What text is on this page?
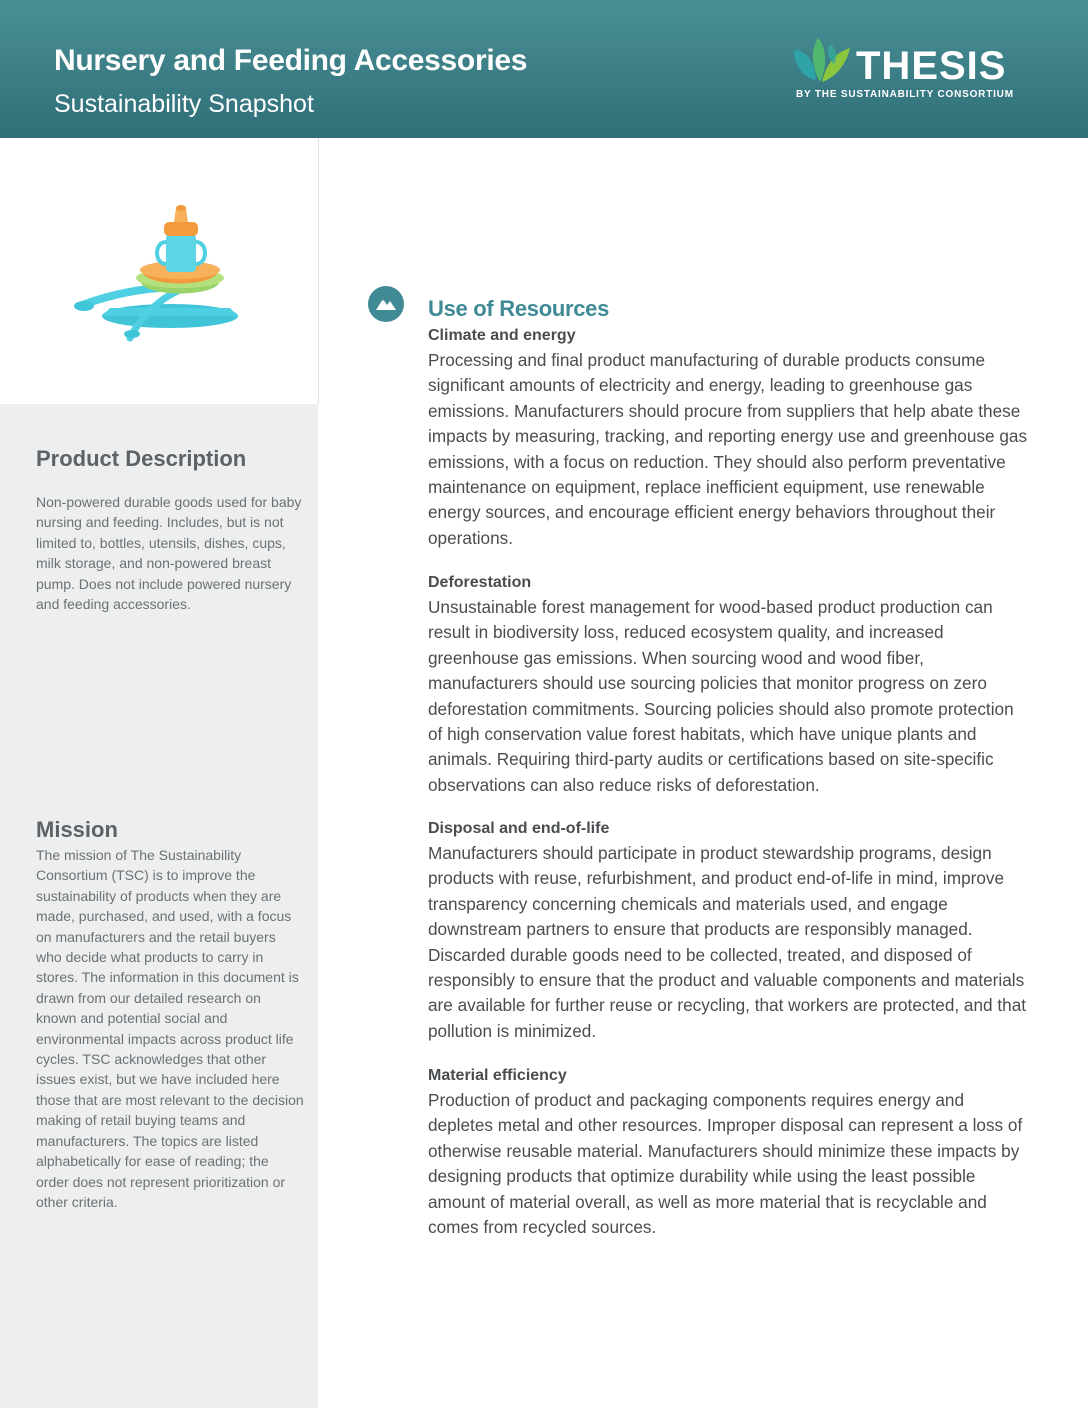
Nursery and Feeding Accessories
Sustainability Snapshot
THESIS
BY THE SUSTAINABILITY CONSORTIUM
Product Description
Non-powered durable goods used for baby nursing and feeding. Includes, but is not limited to, bottles, utensils, dishes, cups, milk storage, and non-powered breast pump. Does not include powered nursery and feeding accessories.
Mission
The mission of The Sustainability Consortium (TSC) is to improve the sustainability of products when they are made, purchased, and used, with a focus on manufacturers and the retail buyers who decide what products to carry in stores. The information in this document is drawn from our detailed research on known and potential social and environmental impacts across product life cycles. TSC acknowledges that other issues exist, but we have included here those that are most relevant to the decision making of retail buying teams and manufacturers. The topics are listed alphabetically for ease of reading; the order does not represent prioritization or other criteria.
Use of Resources
Climate and energy
Processing and final product manufacturing of durable products consume significant amounts of electricity and energy, leading to greenhouse gas emissions. Manufacturers should procure from suppliers that help abate these impacts by measuring, tracking, and reporting energy use and greenhouse gas emissions, with a focus on reduction. They should also perform preventative maintenance on equipment, replace inefficient equipment, use renewable energy sources, and encourage efficient energy behaviors throughout their operations.
Deforestation
Unsustainable forest management for wood-based product production can result in biodiversity loss, reduced ecosystem quality, and increased greenhouse gas emissions. When sourcing wood and wood fiber, manufacturers should use sourcing policies that monitor progress on zero deforestation commitments. Sourcing policies should also promote protection of high conservation value forest habitats, which have unique plants and animals. Requiring third-party audits or certifications based on site-specific observations can also reduce risks of deforestation.
Disposal and end-of-life
Manufacturers should participate in product stewardship programs, design products with reuse, refurbishment, and product end-of-life in mind, improve transparency concerning chemicals and materials used, and engage downstream partners to ensure that products are responsibly managed. Discarded durable goods need to be collected, treated, and disposed of responsibly to ensure that the product and valuable components and materials are available for further reuse or recycling, that workers are protected, and that pollution is minimized.
Material efficiency
Production of product and packaging components requires energy and depletes metal and other resources. Improper disposal can represent a loss of otherwise reusable material. Manufacturers should minimize these impacts by designing products that optimize durability while using the least possible amount of material overall, as well as more material that is recyclable and comes from recycled sources.
